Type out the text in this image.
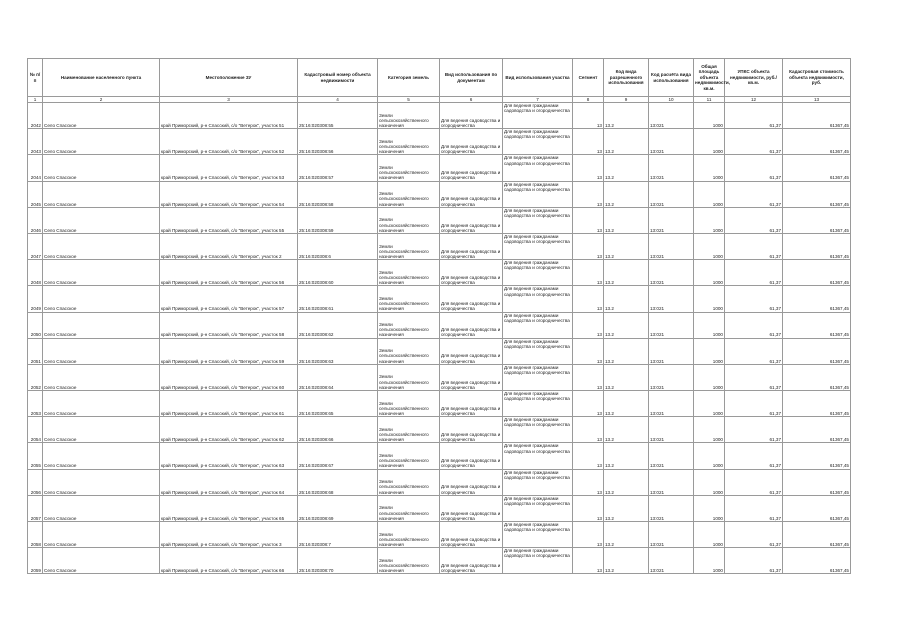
№ п/п	Наименование населенного пункта	Местоположение ЗУ	Кадастровый номер объекта недвижимости	Категория земель	Вид использования по документам	Вид использования участка	Сегмент	Код вида разрешенного использования	Код расчёта вида использования	Общая площадь объекта недвижимости, кв.м.	УПКС объекта недвижимости, руб./кв.м.	Кадастровая стоимость объекта недвижимости, руб.
1	2	3	4	5	6	7	8	9	10	11	12	13
2042	Село Спасское	край Приморский, р-н Спасский, с/о "Ветерок", участок 51	25:16:020308:55	Земли сельскохозяйственного назначения	Для ведения садоводства и огородничества	Для ведения гражданами садоводства и огородничества	13	13.2	13:021	1000	61,37	61367,45
2043	Село Спасское	край Приморский, р-н Спасский, с/о "Ветерок", участок 52	25:16:020308:56	Земли сельскохозяйственного назначения	Для ведения садоводства и огородничества	Для ведения гражданами садоводства и огородничества	13	13.2	13:021	1000	61,37	61367,45
2044	Село Спасское	край Приморский, р-н Спасский, с/о "Ветерок", участок 53	25:16:020308:57	Земли сельскохозяйственного назначения	Для ведения садоводства и огородничества	Для ведения гражданами садоводства и огородничества	13	13.2	13:021	1000	61,37	61367,45
2045	Село Спасское	край Приморский, р-н Спасский, с/о "Ветерок", участок 54	25:16:020308:58	Земли сельскохозяйственного назначения	Для ведения садоводства и огородничества	Для ведения гражданами садоводства и огородничества	13	13.2	13:021	1000	61,37	61367,45
2046	Село Спасское	край Приморский, р-н Спасский, с/о "Ветерок", участок 55	25:16:020308:59	Земли сельскохозяйственного назначения	Для ведения садоводства и огородничества	Для ведения гражданами садоводства и огородничества	13	13.2	13:021	1000	61,37	61367,45
2047	Село Спасское	край Приморский, р-н Спасский, с/о "Ветерок", участок 2	25:16:020308:6	Земли сельскохозяйственного назначения	Для ведения садоводства и огородничества	Для ведения гражданами садоводства и огородничества	13	13.2	13:021	1000	61,37	61367,45
2048	Село Спасское	край Приморский, р-н Спасский, с/о "Ветерок", участок 56	25:16:020308:60	Земли сельскохозяйственного назначения	Для ведения садоводства и огородничества	Для ведения гражданами садоводства и огородничества	13	13.2	13:021	1000	61,37	61367,45
2049	Село Спасское	край Приморский, р-н Спасский, с/о "Ветерок", участок 57	25:16:020308:61	Земли сельскохозяйственного назначения	Для ведения садоводства и огородничества	Для ведения гражданами садоводства и огородничества	13	13.2	13:021	1000	61,37	61367,45
2050	Село Спасское	край Приморский, р-н Спасский, с/о "Ветерок", участок 58	25:16:020308:62	Земли сельскохозяйственного назначения	Для ведения садоводства и огородничества	Для ведения гражданами садоводства и огородничества	13	13.2	13:021	1000	61,37	61367,45
2051	Село Спасское	край Приморский, р-н Спасский, с/о "Ветерок", участок 59	25:16:020308:63	Земли сельскохозяйственного назначения	Для ведения садоводства и огородничества	Для ведения гражданами садоводства и огородничества	13	13.2	13:021	1000	61,37	61367,45
2052	Село Спасское	край Приморский, р-н Спасский, с/о "Ветерок", участок 60	25:16:020308:64	Земли сельскохозяйственного назначения	Для ведения садоводства и огородничества	Для ведения гражданами садоводства и огородничества	13	13.2	13:021	1000	61,37	61367,45
2053	Село Спасское	край Приморский, р-н Спасский, с/о "Ветерок", участок 61	25:16:020308:65	Земли сельскохозяйственного назначения	Для ведения садоводства и огородничества	Для ведения гражданами садоводства и огородничества	13	13.2	13:021	1000	61,37	61367,45
2054	Село Спасское	край Приморский, р-н Спасский, с/о "Ветерок", участок 62	25:16:020308:66	Земли сельскохозяйственного назначения	Для ведения садоводства и огородничества	Для ведения гражданами садоводства и огородничества	13	13.2	13:021	1000	61,37	61367,45
2055	Село Спасское	край Приморский, р-н Спасский, с/о "Ветерок", участок 63	25:16:020308:67	Земли сельскохозяйственного назначения	Для ведения садоводства и огородничества	Для ведения гражданами садоводства и огородничества	13	13.2	13:021	1000	61,37	61367,45
2056	Село Спасское	край Приморский, р-н Спасский, с/о "Ветерок", участок 64	25:16:020308:68	Земли сельскохозяйственного назначения	Для ведения садоводства и огородничества	Для ведения гражданами садоводства и огородничества	13	13.2	13:021	1000	61,37	61367,45
2057	Село Спасское	край Приморский, р-н Спасский, с/о "Ветерок", участок 65	25:16:020308:69	Земли сельскохозяйственного назначения	Для ведения садоводства и огородничества	Для ведения гражданами садоводства и огородничества	13	13.2	13:021	1000	61,37	61367,45
2058	Село Спасское	край Приморский, р-н Спасский, с/о "Ветерок", участок 3	25:16:020308:7	Земли сельскохозяйственного назначения	Для ведения садоводства и огородничества	Для ведения гражданами садоводства и огородничества	13	13.2	13:021	1000	61,37	61367,45
2059	Село Спасское	край Приморский, р-н Спасский, с/о "Ветерок", участок 66	25:16:020308:70	Земли сельскохозяйственного назначения	Для ведения садоводства и огородничества	Для ведения гражданами садоводства и огородничества	13	13.2	13:021	1000	61,37	61367,45
